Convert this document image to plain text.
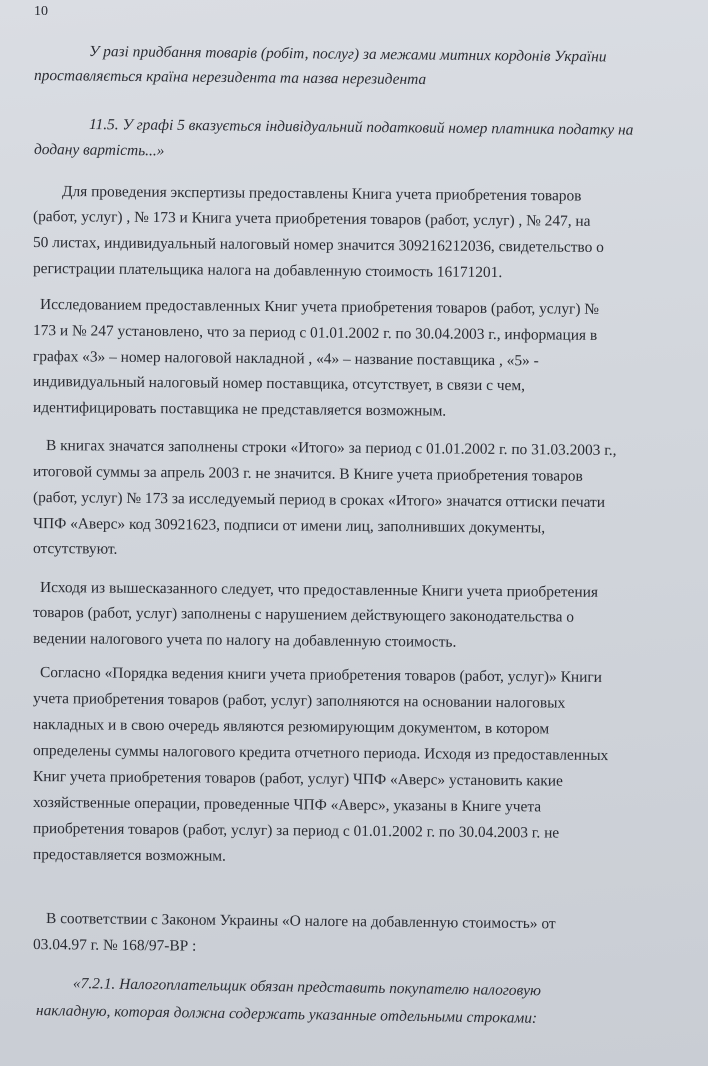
10
У разі придбання товарів (робіт, послуг) за межами митних кордонів України
проставляється країна нерезидента та назва нерезидента
11.5. У графі 5 вказується індивідуальний податковий номер платника податку на
додану вартість...»
Для проведения экспертизы предоставлены Книга учета приобретения товаров
(работ, услуг) , № 173 и Книга учета приобретения товаров (работ, услуг) , № 247, на
50 листах, индивидуальный налоговый номер значится 309216212036, свидетельство о
регистрации плательщика налога на добавленную стоимость 16171201.
Исследованием предоставленных Книг учета приобретения товаров (работ, услуг) №
173 и № 247 установлено, что за период с 01.01.2002 г. по 30.04.2003 г., информация в
графах «3» – номер налоговой накладной , «4» – название поставщика , «5» -
индивидуальный налоговый номер поставщика, отсутствует, в связи с чем,
идентифицировать поставщика не представляется возможным.
В книгах значатся заполнены строки «Итого» за период с 01.01.2002 г. по 31.03.2003 г.,
итоговой суммы за апрель 2003 г. не значится. В Книге учета приобретения товаров
(работ, услуг) № 173 за исследуемый период в сроках «Итого» значатся оттиски печати
ЧПФ «Аверс» код 30921623, подписи от имени лиц, заполнивших документы,
отсутствуют.
Исходя из вышесказанного следует, что предоставленные Книги учета приобретения
товаров (работ, услуг) заполнены с нарушением действующего законодательства о
ведении налогового учета по налогу на добавленную стоимость.
Согласно «Порядка ведения книги учета приобретения товаров (работ, услуг)» Книги
учета приобретения товаров (работ, услуг) заполняются на основании налоговых
накладных и в свою очередь являются резюмирующим документом, в котором
определены суммы налогового кредита отчетного периода. Исходя из предоставленных
Книг учета приобретения товаров (работ, услуг) ЧПФ «Аверс» установить какие
хозяйственные операции, проведенные ЧПФ «Аверс», указаны в Книге учета
приобретения товаров (работ, услуг) за период с 01.01.2002 г. по 30.04.2003 г. не
предоставляется возможным.
В соответствии с Законом Украины «О налоге на добавленную стоимость» от
03.04.97 г. № 168/97-ВР :
«7.2.1. Налогоплательщик обязан представить покупателю налоговую
накладную, которая должна содержать указанные отдельными строками:
